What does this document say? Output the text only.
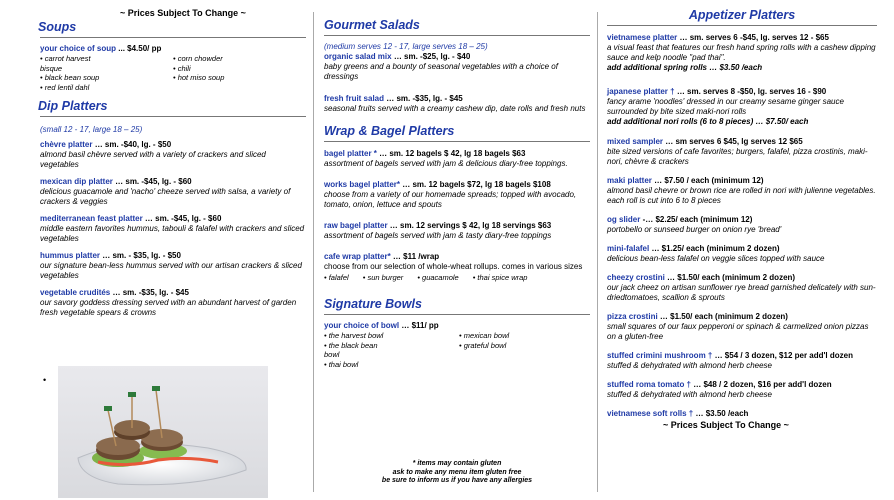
~ Prices Subject To Change ~
Soups
your choice of soup ... $4.50/ pp
• carrot harvest bisque
• black bean soup
• red lentil dahl
• corn chowder
• chili
• hot miso soup
Dip Platters
(small 12 - 17, large 18 – 25)
chèvre platter … sm. -$40, lg. - $50
almond basil chèvre served with a variety of crackers and sliced vegetables
mexican dip platter … sm. -$45, lg. - $60
delicious guacamole and 'nacho' cheeze served with salsa, a variety of crackers & veggies
mediterranean feast platter … sm. -$45, lg. - $60
middle eastern favorites hummus, tabouli & falafel with crackers and sliced vegetables
hummus platter … sm. - $35, lg. - $50
our signature bean-less hummus served with our artisan crackers & sliced vegetables
vegetable crudités … sm. -$35, lg. - $45
our savory goddess dressing served with an abundant harvest of garden fresh vegetable spears & crowns
•
Gourmet Salads
(medium serves 12 - 17, large serves 18 – 25)
organic salad mix … sm. -$25, lg. - $40
baby greens and a bounty of seasonal vegetables with a choice of dressings
fresh fruit salad … sm. -$35, lg. - $45
seasonal fruits served with a creamy cashew dip, date rolls and fresh nuts
Wrap & Bagel Platters
bagel platter * … sm. 12 bagels $ 42, lg 18 bagels $63
assortment of bagels served with jam & delicious diary-free toppings.
works bagel platter* … sm. 12 bagels $72, lg 18 bagels $108
choose from a variety of our homemade spreads; topped with avocado, tomato, onion, lettuce and spouts
raw bagel platter … sm. 12 servings $ 42, lg 18 servings $63
assortment of bagels served with jam & tasty diary-free toppings
cafe wrap platter* … $11 /wrap
choose from our selection of whole-wheat rollups. comes in various sizes
• falafel • sun burger • guacamole • thai spice wrap
Signature Bowls
your choice of bowl … $11/ pp
• the harvest bowl
• the black bean bowl
• thai bowl
• mexican bowl
• grateful bowl
* items may contain gluten
ask to make any menu item gluten free
be sure to inform us if you have any allergies
Appetizer Platters
vietnamese platter … sm. serves 6 -$45, lg. serves 12 - $65
a visual feast that features our fresh hand spring rolls with a cashew dipping sauce and kelp noodle "pad thai".
add additional spring rolls … $3.50 /each
japanese platter † … sm. serves 8 -$50, lg. serves 16 - $90
fancy arame 'noodles' dressed in our creamy sesame ginger sauce surrounded by bite sized maki-nori rolls
add additional nori rolls (6 to 8 pieces) … $7.50/ each
mixed sampler … sm serves 6 $45, lg serves 12 $65
bite sized versions of cafe favorites; burgers, falafel, pizza crostinis, maki-nori, chèvre & crackers
maki platter … $7.50 / each (minimum 12)
almond basil chevre or brown rice are rolled in nori with julienne vegetables. each roll is cut into 6 to 8 pieces
og slider -… $2.25/ each (minimum 12)
portobello or sunseed burger on onion rye 'bread'
mini-falafel … $1.25/ each (minimum 2 dozen)
delicious bean-less falafel on veggie slices topped with sauce
cheezy crostini … $1.50/ each (minimum 2 dozen)
our jack cheez on artisan sunflower rye bread garnished delicately with sun-driedtomatoes, scallion & sprouts
pizza crostini … $1.50/ each (minimum 2 dozen)
small squares of our faux pepperoni or spinach & carmelized onion pizzas on a gluten-free
stuffed crimini mushroom † … $54 / 3 dozen, $12 per add'l dozen
stuffed & dehydrated with almond herb cheese
stuffed roma tomato † … $48 / 2 dozen, $16 per add'l dozen
stuffed & dehydrated with almond herb cheese
vietnamese soft rolls † … $3.50 /each
~ Prices Subject To Change ~
